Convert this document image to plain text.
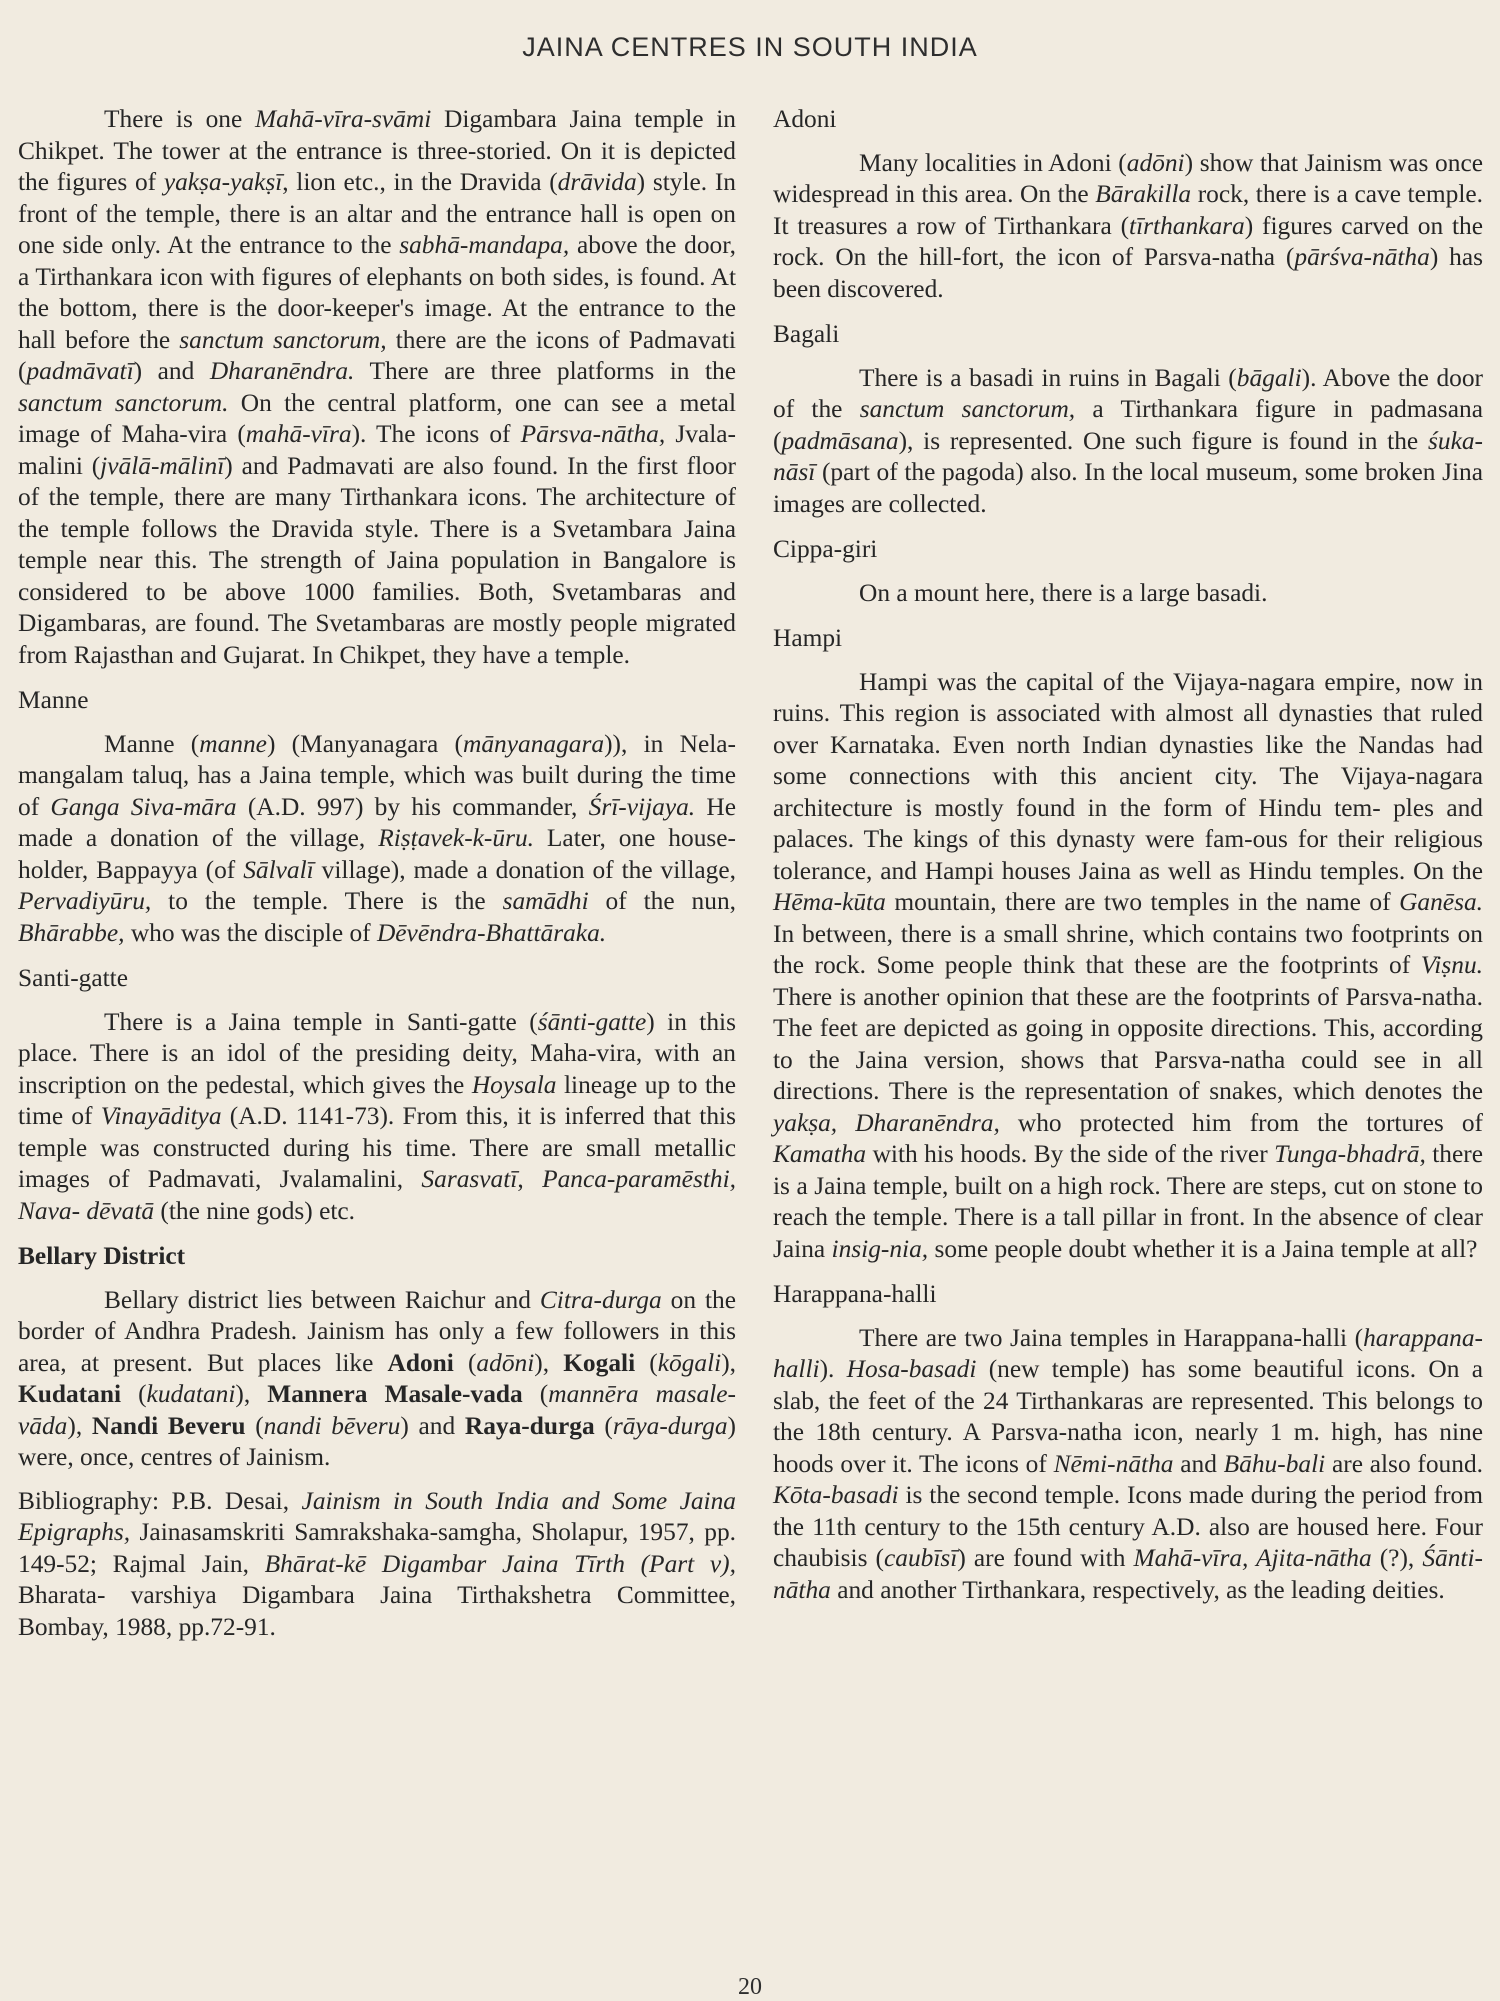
JAINA CENTRES IN SOUTH INDIA

There is one Mahā-vīra-svāmi Digambara Jaina temple in Chikpet. The tower at the entrance is three-storied. On it is depicted the figures of yakṣa-yakṣī, lion etc., in the Dravida (drāvida) style. In front of the temple, there is an altar and the entrance hall is open on one side only. At the entrance to the sabhā-mandapa, above the door, a Tirthankara icon with figures of elephants on both sides, is found. At the bottom, there is the door-keeper's image. At the entrance to the hall before the sanctum sanctorum, there are the icons of Padmavati (padmāvatī) and Dharanēndra. There are three platforms in the sanctum sanctorum. On the central platform, one can see a metal image of Maha-vira (mahā-vīra). The icons of Pārsva-nātha, Jvala-malini (jvālā-mālinī) and Padmavati are also found. In the first floor of the temple, there are many Tirthankara icons. The architecture of the temple follows the Dravida style. There is a Svetambara Jaina temple near this. The strength of Jaina population in Bangalore is considered to be above 1000 families. Both, Svetambaras and Digambaras, are found. The Svetambaras are mostly people migrated from Rajasthan and Gujarat. In Chikpet, they have a temple.

Manne

Manne (manne) (Manyanagara (mānyanagara)), in Nela-mangalam taluq, has a Jaina temple, which was built during the time of Ganga Siva-māra (A.D. 997) by his commander, Śrī-vijaya. He made a donation of the village, Riṣṭavek-k-ūru. Later, one house-holder, Bappayya (of Sālvalī village), made a donation of the village, Pervadiyūru, to the temple. There is the samādhi of the nun, Bhārabbe, who was the disciple of Dēvēndra-Bhattāraka.

Santi-gatte

There is a Jaina temple in Santi-gatte (śānti-gatte) in this place. There is an idol of the presiding deity, Maha-vira, with an inscription on the pedestal, which gives the Hoysala lineage up to the time of Vinayāditya (A.D. 1141-73). From this, it is inferred that this temple was constructed during his time. There are small metallic images of Padmavati, Jvalamalini, Sarasvatī, Panca-paramēsthi, Nava- dēvatā (the nine gods) etc.

Bellary District

Bellary district lies between Raichur and Citra-durga on the border of Andhra Pradesh. Jainism has only a few followers in this area, at present. But places like Adoni (adōni), Kogali (kōgali), Kudatani (kudatani), Mannera Masale-vada (mannēra masale-vāda), Nandi Beveru (nandi bēveru) and Raya-durga (rāya-durga) were, once, centres of Jainism.

Bibliography: P.B. Desai, Jainism in South India and Some Jaina Epigraphs, Jainasamskriti Samrakshaka-samgha, Sholapur, 1957, pp. 149-52; Rajmal Jain, Bhārat-kē Digambar Jaina Tīrth (Part v), Bharata- varshiya Digambara Jaina Tirthakshetra Committee, Bombay, 1988, pp.72-91.

Adoni

Many localities in Adoni (adōni) show that Jainism was once widespread in this area. On the Bārakilla rock, there is a cave temple. It treasures a row of Tirthankara (tīrthankara) figures carved on the rock. On the hill-fort, the icon of Parsva-natha (pārśva-nātha) has been discovered.

Bagali

There is a basadi in ruins in Bagali (bāgali). Above the door of the sanctum sanctorum, a Tirthankara figure in padmasana (padmāsana), is represented. One such figure is found in the śuka-nāsī (part of the pagoda) also. In the local museum, some broken Jina images are collected.

Cippa-giri

On a mount here, there is a large basadi.

Hampi

Hampi was the capital of the Vijaya-nagara empire, now in ruins. This region is associated with almost all dynasties that ruled over Karnataka. Even north Indian dynasties like the Nandas had some connections with this ancient city. The Vijaya-nagara architecture is mostly found in the form of Hindu tem- ples and palaces. The kings of this dynasty were fam-ous for their religious tolerance, and Hampi houses Jaina as well as Hindu temples. On the Hēma-kūta mountain, there are two temples in the name of Ganēsa. In between, there is a small shrine, which contains two footprints on the rock. Some people think that these are the footprints of Viṣnu. There is another opinion that these are the footprints of Parsva-natha. The feet are depicted as going in opposite directions. This, according to the Jaina version, shows that Parsva-natha could see in all directions. There is the representation of snakes, which denotes the yakṣa, Dharanēndra, who protected him from the tortures of Kamatha with his hoods. By the side of the river Tunga-bhadrā, there is a Jaina temple, built on a high rock. There are steps, cut on stone to reach the temple. There is a tall pillar in front. In the absence of clear Jaina insig-nia, some people doubt whether it is a Jaina temple at all?

Harappana-halli

There are two Jaina temples in Harappana-halli (harappana-halli). Hosa-basadi (new temple) has some beautiful icons. On a slab, the feet of the 24 Tirthankaras are represented. This belongs to the 18th century. A Parsva-natha icon, nearly 1 m. high, has nine hoods over it. The icons of Nēmi-nātha and Bāhu-bali are also found. Kōta-basadi is the second temple. Icons made during the period from the 11th century to the 15th century A.D. also are housed here. Four chaubisis (caubīsī) are found with Mahā-vīra, Ajita-nātha (?), Śānti-nātha and another Tirthankara, respectively, as the leading deities.

20
